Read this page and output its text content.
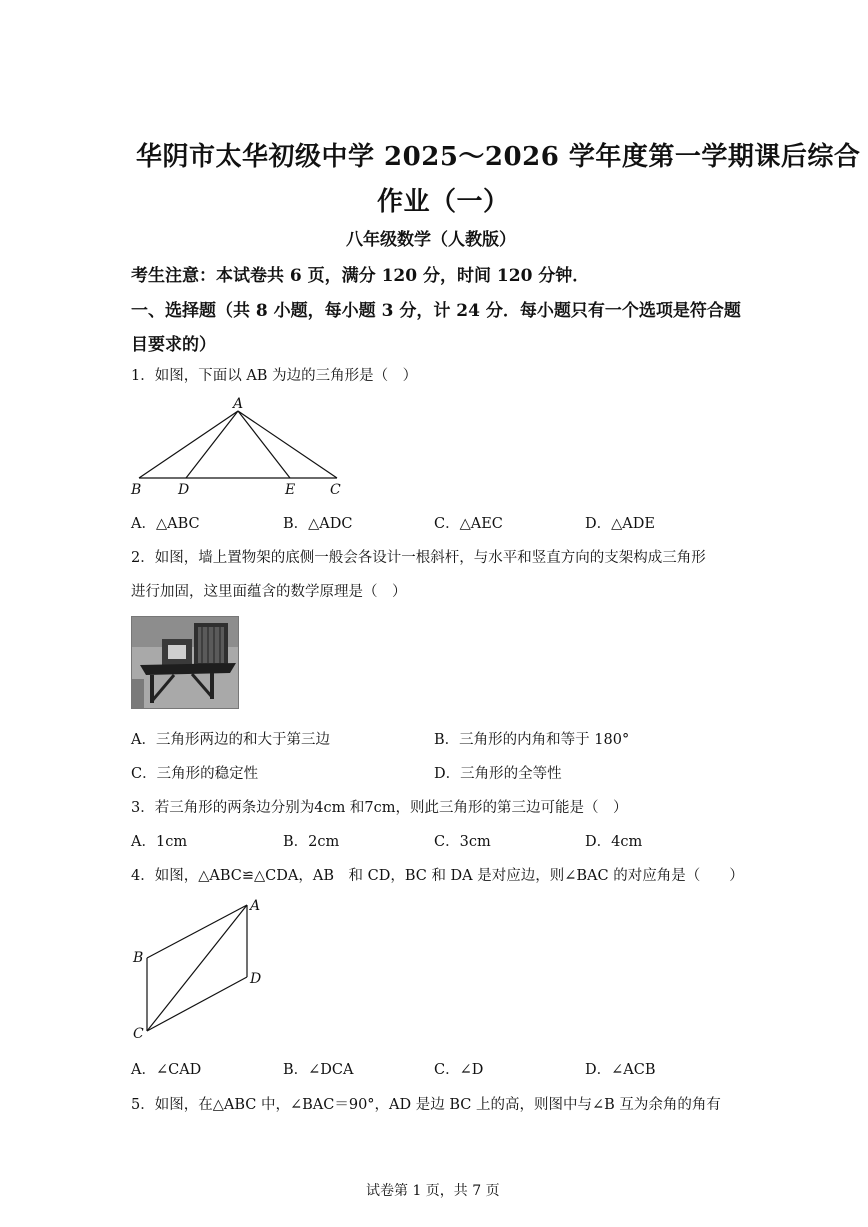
华阴市太华初级中学 2025～2026 学年度第一学期课后综合
作业（一）
八年级数学（人教版）
考生注意：本试卷共 6 页，满分 120 分，时间 120 分钟．
一、选择题（共 8 小题，每小题 3 分，计 24 分．每小题只有一个选项是符合题
目要求的）
1．如图，下面以 AB 为边的三角形是（　）
A
B	D	E C
A．△ABC	B．△ADC	C．△AEC	D．△ADE
2．如图，墙上置物架的底侧一般会各设计一根斜杆，与水平和竖直方向的支架构成三角形
进行加固，这里面蕴含的数学原理是（　）
A．三角形两边的和大于第三边	B．三角形的内角和等于 180°
C．三角形的稳定性	D．三角形的全等性
3．若三角形的两条边分别为4cm 和7cm，则此三角形的第三边可能是（　）
A．1cm	B．2cm	C．3cm	D．4cm
4．如图，△ABC≌△CDA，AB　和 CD，BC 和 DA 是对应边，则∠BAC 的对应角是（　　）
A
B
D
C
A．∠CAD	B．∠DCA	C．∠D	D．∠ACB
5．如图，在△ABC 中，∠BAC＝90°，AD 是边 BC 上的高，则图中与∠B 互为余角的角有
试卷第 1 页，共 7 页
